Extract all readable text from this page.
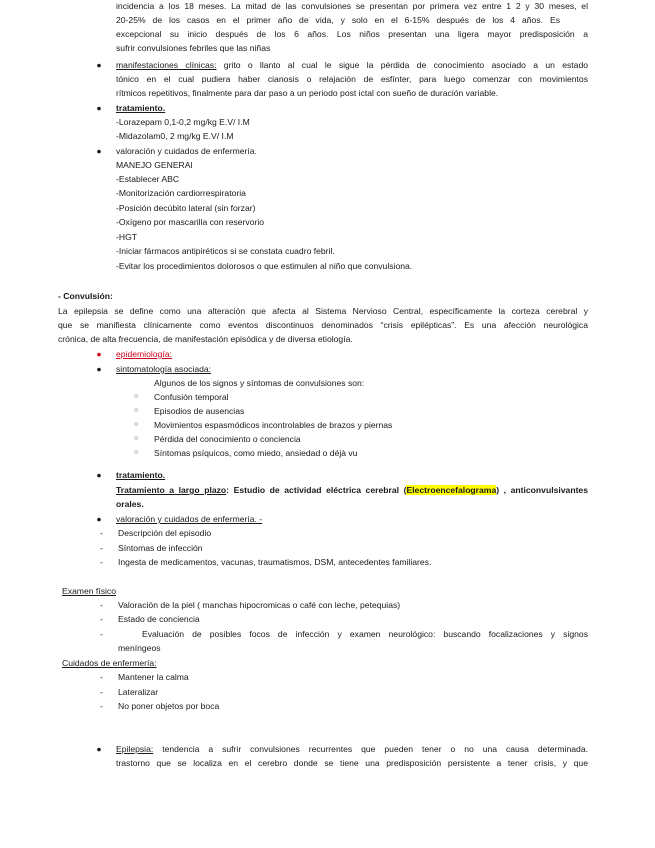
incidencia a los 18 meses. La mitad de las convulsiones se presentan por primera vez entre 1 2 y 30 meses, el
20-25% de los casos en el primer año de vida, y solo en el 6-15% después de los 4 años. Es
excepcional su inicio después de los 6 años. Los niños presentan una ligera mayor predisposición a
sufrir convulsiones febriles que las niñas
● manifestaciones clínicas: grito o llanto al cual le sigue la pérdida de conocimiento asociado a un estado
tónico en el cual pudiera haber cianosis o relajación de esfínter, para luego comenzar con movimientos
rítmicos repetitivos, finalmente para dar paso a un periodo post ictal con sueño de duración variable.
● tratamiento.
-Lorazepam 0,1-0,2 mg/kg E.V/ I.M
-Midazolam0, 2 mg/kg E.V/ I.M
● valoración y cuidados de enfermería.
MANEJO GENERAl
-Establecer ABC
-Monitorización cardiorrespiratoria
-Posición decúbito lateral (sin forzar)
-Oxígeno por mascarilla con reservorio
-HGT
-Iniciar fármacos antipiréticos si se constata cuadro febril.
-Evitar los procedimientos dolorosos o que estimulen al niño que convulsiona.
- Convulsión:
La epilepsia se define como una alteración que afecta al Sistema Nervioso Central, específicamente la corteza cerebral y
que se manifiesta clínicamente como eventos discontinuos denominados “crisis epilépticas”. Es una afección neurológica
crónica, de alta frecuencia, de manifestación episódica y de diversa etiología.
● epidemiología:
● sintomatología asociada:
Algunos de los signos y síntomas de convulsiones son:
○ Confusión temporal
○ Episodios de ausencias
○ Movimientos espasmódicos incontrolables de brazos y piernas
○ Pérdida del conocimiento o conciencia
○ Síntomas psíquicos, como miedo, ansiedad o déjà vu
● tratamiento.
Tratamiento a largo plazo: Estudio de actividad eléctrica cerebral (Electroencefalograma) , anticonvulsivantes
orales.
● valoración y cuidados de enfermería. -
- Descripción del episodio
- Síntomas de infección
- Ingesta de medicamentos, vacunas, traumatismos, DSM, antecedentes familiares.
Examen físico
- Valoración de la piel ( manchas hipocromicas o café con leche, petequias)
- Estado de conciencia
-	Evaluación de posibles focos de infección y examen neurológico: buscando focalizaciones y signos
meníngeos
Cuidados de enfermería:
- Mantener la calma
- Lateralizar
- No poner objetos por boca
● Epilepsia: tendencia a sufrir convulsiones recurrentes que pueden tener o no una causa determinada.
trastorno que se localiza en el cerebro donde se tiene una predisposición persistente a tener crisis, y que
